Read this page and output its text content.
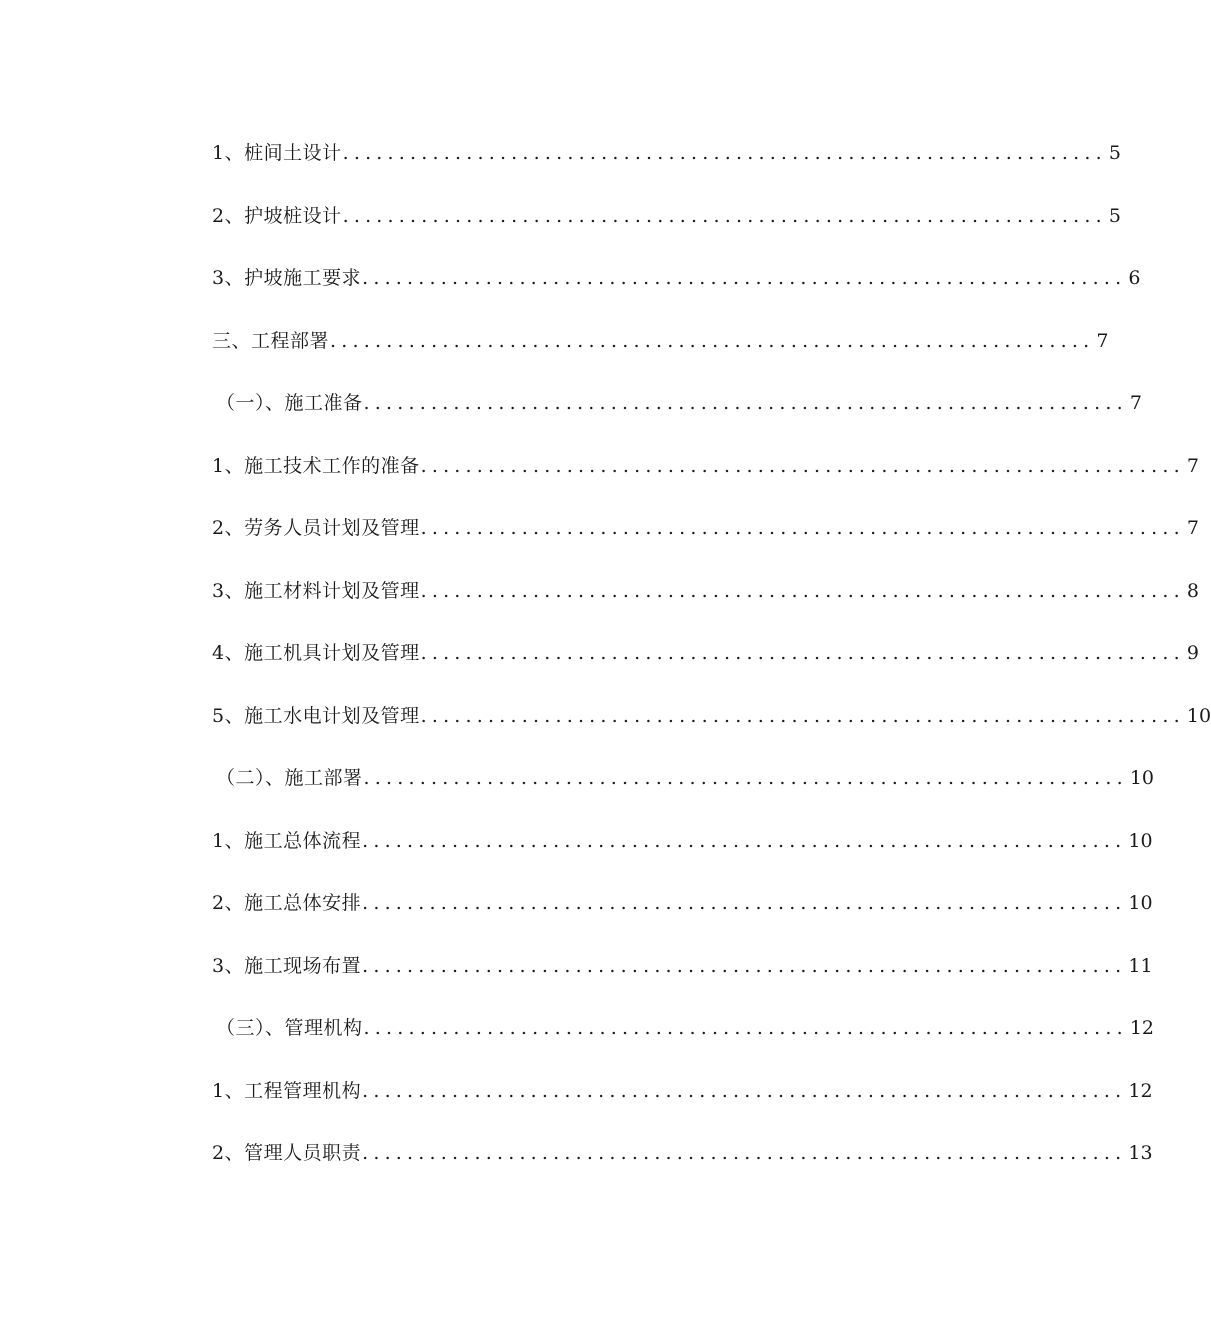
1、桩间土设计 .................................................................... 5
2、护坡桩设计 .................................................................... 5
3、护坡施工要求 .................................................................... 6
三、工程部署 .................................................................... 7
（一）、施工准备 .................................................................... 7
1、施工技术工作的准备 .................................................................... 7
2、劳务人员计划及管理 .................................................................... 7
3、施工材料计划及管理 .................................................................... 8
4、施工机具计划及管理 .................................................................... 9
5、施工水电计划及管理 .................................................................... 10
（二）、施工部署 .................................................................... 10
1、施工总体流程 .................................................................... 10
2、施工总体安排 .................................................................... 10
3、施工现场布置 .................................................................... 11
（三）、管理机构 .................................................................... 12
1、工程管理机构 .................................................................... 12
2、管理人员职责 .................................................................... 13
